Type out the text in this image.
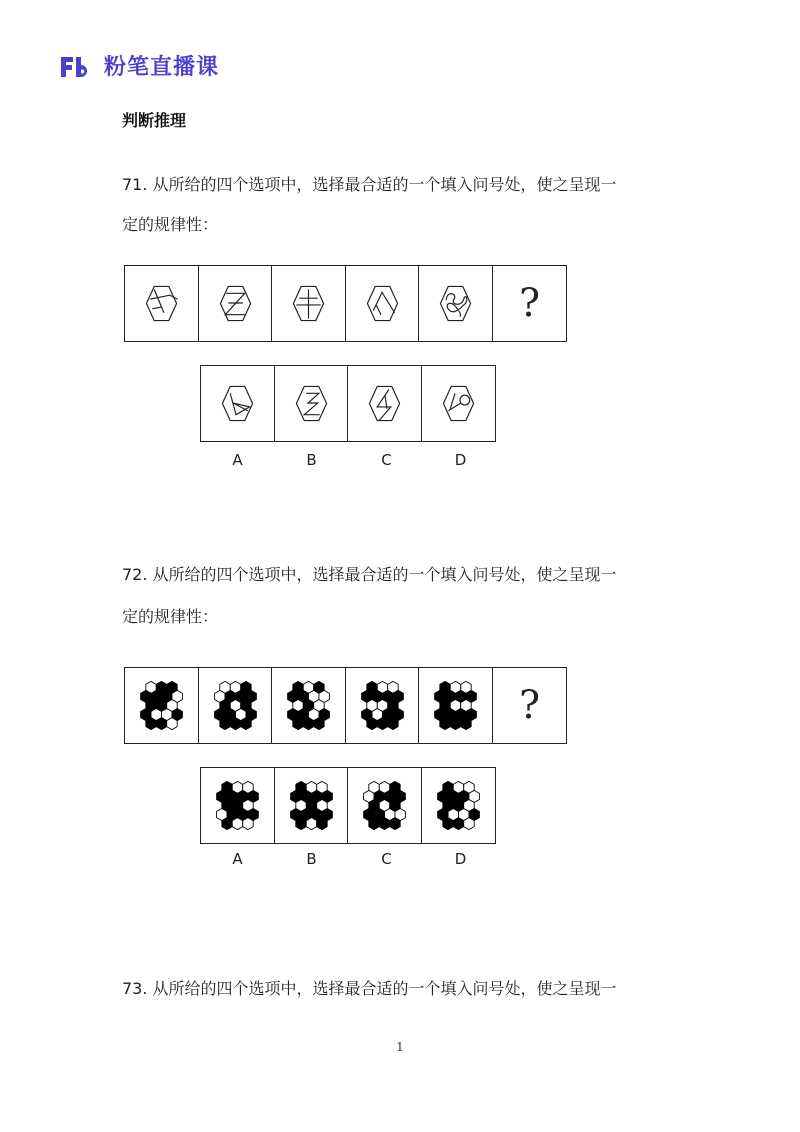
粉笔直播课
判断推理
71. 从所给的四个选项中，选择最合适的一个填入问号处，使之呈现一
定的规律性：
?
A	B	C	D
72. 从所给的四个选项中，选择最合适的一个填入问号处，使之呈现一
定的规律性：
?
A	B	C	D
73. 从所给的四个选项中，选择最合适的一个填入问号处，使之呈现一
1
